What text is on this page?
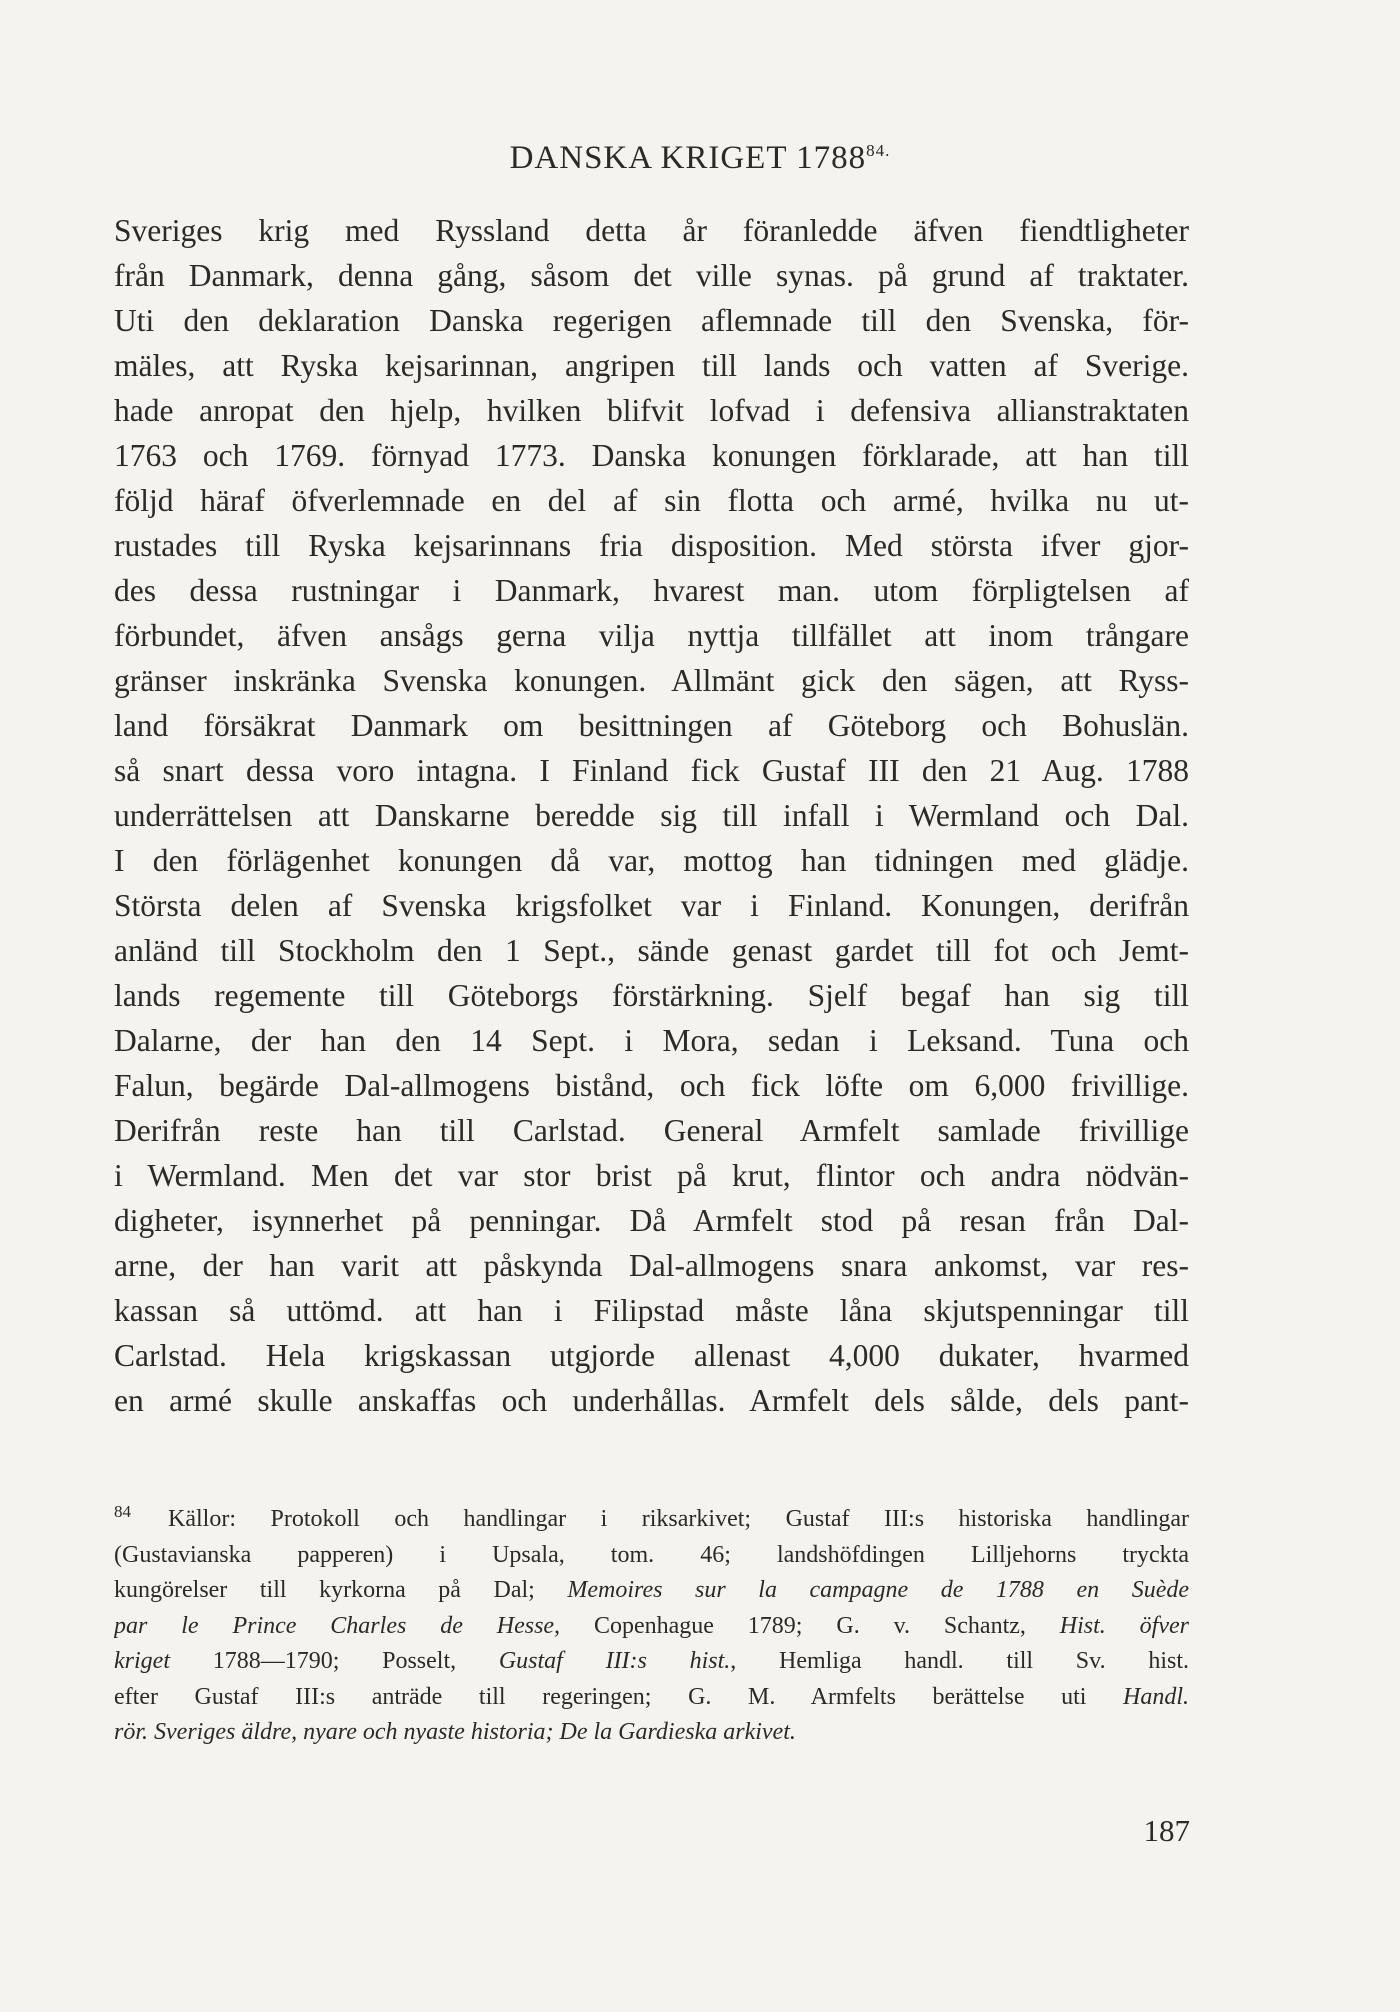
DANSKA KRIGET $1788^{84.}$
Sveriges krig med Ryssland detta år föranledde äfven fiendtligheter
från Danmark, denna gång, såsom det ville synas. på grund af traktater.
Uti den deklaration Danska regerigen aflemnade till den Svenska, för-
mäles, att Ryska kejsarinnan, angripen till lands och vatten af Sverige.
hade anropat den hjelp, hvilken blifvit lofvad i defensiva allianstraktaten
1763 och 1769. förnyad 1773. Danska konungen förklarade, att han till
följd häraf öfverlemnade en del af sin flotta och armé, hvilka nu ut-
rustades till Ryska kejsarinnans fria disposition. Med största ifver gjor-
des dessa rustningar i Danmark, hvarest man. utom förpligtelsen af
förbundet, äfven ansågs gerna vilja nyttja tillfället att inom trångare
gränser inskränka Svenska konungen. Allmänt gick den sägen, att Ryss-
land försäkrat Danmark om besittningen af Göteborg och Bohuslän.
så snart dessa voro intagna. I Finland fick Gustaf III den 21 Aug. 1788
underrättelsen att Danskarne beredde sig till infall i Wermland och Dal.
I den förlägenhet konungen då var, mottog han tidningen med glädje.
Största delen af Svenska krigsfolket var i Finland. Konungen, derifrån
anländ till Stockholm den 1 Sept., sände genast gardet till fot och Jemt-
lands regemente till Göteborgs förstärkning. Sjelf begaf han sig till
Dalarne, der han den 14 Sept. i Mora, sedan i Leksand. Tuna och
Falun, begärde Dal-allmogens bistånd, och fick löfte om 6,000 frivillige.
Derifrån reste han till Carlstad. General Armfelt samlade frivillige
i Wermland. Men det var stor brist på krut, flintor och andra nödvän-
digheter, isynnerhet på penningar. Då Armfelt stod på resan från Dal-
arne, der han varit att påskynda Dal-allmogens snara ankomst, var res-
kassan så uttömd. att han i Filipstad måste låna skjutspenningar till
Carlstad. Hela krigskassan utgjorde allenast 4,000 dukater, hvarmed
en armé skulle anskaffas och underhållas. Armfelt dels sålde, dels pant-
84 Källor: Protokoll och handlingar i riksarkivet; Gustaf III:s historiska handlingar
(Gustavianska papperen) i Upsala, tom. 46; landshöfdingen Lilljehorns tryckta
kungörelser till kyrkorna på Dal; Memoires sur la campagne de 1788 en Suède
par le Prince Charles de Hesse, Copenhague 1789; G. v. Schantz, Hist. öfver
kriget 1788—1790; Posselt, Gustaf III:s hist., Hemliga handl. till Sv. hist.
efter Gustaf III:s anträde till regeringen; G. M. Armfelts berättelse uti Handl.
rör. Sveriges äldre, nyare och nyaste historia; De la Gardieska arkivet.
187
